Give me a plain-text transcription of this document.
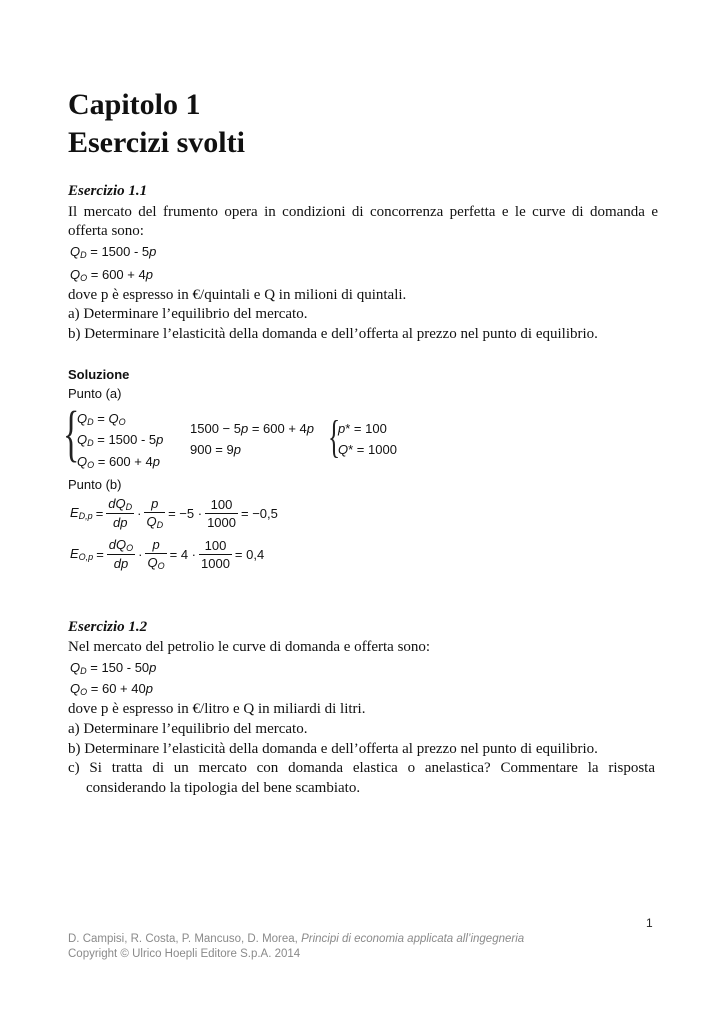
Capitolo 1
Esercizi svolti
Esercizio 1.1
Il mercato del frumento opera in condizioni di concorrenza perfetta e le curve di domanda e
offerta sono:
$Q_D = 1500 - 5p$
$Q_O = 600 + 4p$
dove p è espresso in €/quintali e Q in milioni di quintali.
a) Determinare l’equilibrio del mercato.
b) Determinare l’elasticità della domanda e dell’offerta al prezzo nel punto di equilibrio.
Soluzione
Punto (a)
{
$Q_D = Q_O$
$Q_D = 1500 - 5p$
$Q_O = 600 + 4p$
1500 − 5p = 600 + 4p
900 = 9p {
p* = 100
Q* = 1000
Punto (b)
$E_{D,p} = \frac{dQ_D}{dp} \cdot \frac{p}{Q_D} = -5 \cdot \frac{100}{1000} = -0,5$
$E_{O,p} = \frac{dQ_O}{dp} \cdot \frac{p}{Q_O} = 4 \cdot \frac{100}{1000} = 0,4$
Esercizio 1.2
Nel mercato del petrolio le curve di domanda e offerta sono:
$Q_D = 150 - 50p$
$Q_O = 60 + 40p$
dove p è espresso in €/litro e Q in miliardi di litri.
a) Determinare l’equilibrio del mercato.
b) Determinare l’elasticità della domanda e dell’offerta al prezzo nel punto di equilibrio.
c) Si tratta di un mercato con domanda elastica o anelastica? Commentare la risposta
considerando la tipologia del bene scambiato.
1
D. Campisi, R. Costa, P. Mancuso, D. Morea, Principi di economia applicata all’ingegneria
Copyright © Ulrico Hoepli Editore S.p.A. 2014
